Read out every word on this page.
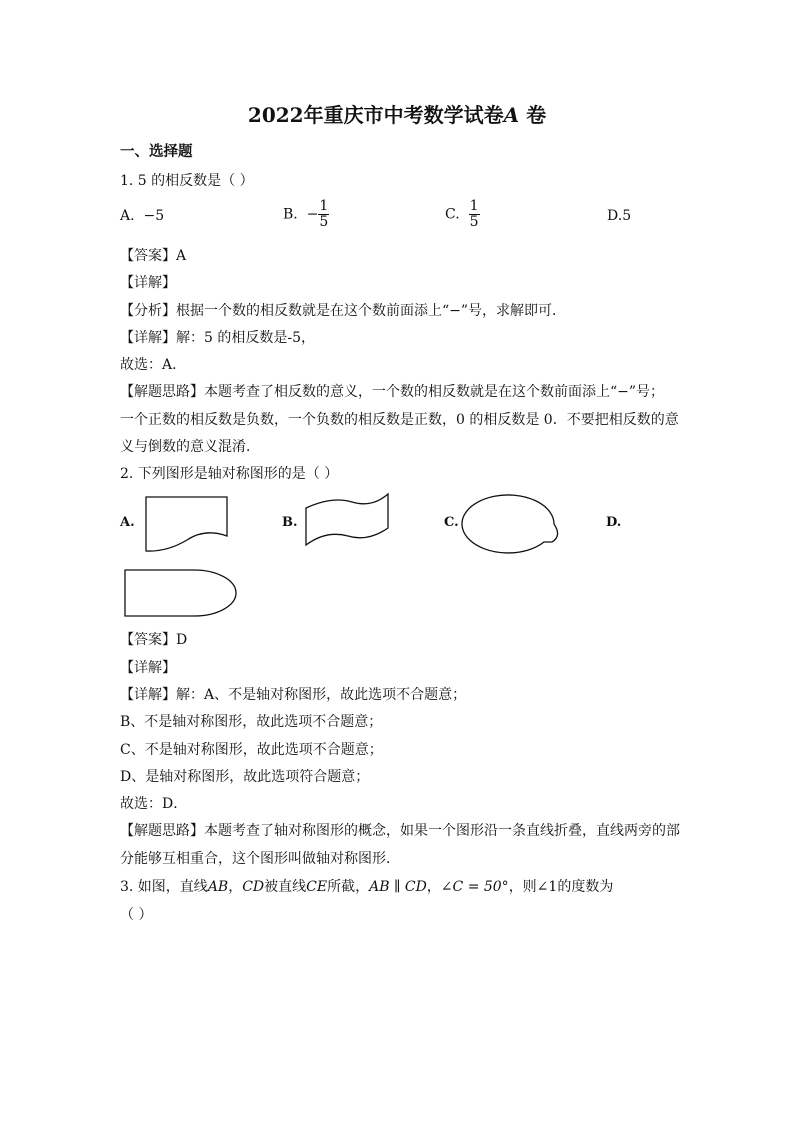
2022年重庆市中考数学试卷A 卷
一、选择题
1. 5 的相反数是（ ）
A. −5	B. − $\frac{1}{5}$	C. $\frac{1}{5}$	D.5
【答案】A
【详解】
【分析】根据一个数的相反数就是在这个数前面添上“−”号，求解即可．
【详解】解：5 的相反数是-5，
故选：A．
【解题思路】本题考查了相反数的意义，一个数的相反数就是在这个数前面添上“−”号；
一个正数的相反数是负数，一个负数的相反数是正数，0 的相反数是 0．不要把相反数的意
义与倒数的意义混淆．
2. 下列图形是轴对称图形的是（ ）
A.	B.	C.	D.
【答案】D
【详解】
【详解】解：A、不是轴对称图形，故此选项不合题意；
B、不是轴对称图形，故此选项不合题意；
C、不是轴对称图形，故此选项不合题意；
D、是轴对称图形，故此选项符合题意；
故选：D．
【解题思路】本题考查了轴对称图形的概念，如果一个图形沿一条直线折叠，直线两旁的部
分能够互相重合，这个图形叫做轴对称图形．
3. 如图，直线AB，CD被直线CE所截，AB ∥ CD，∠C = 50°，则∠1的度数为
（ ）
